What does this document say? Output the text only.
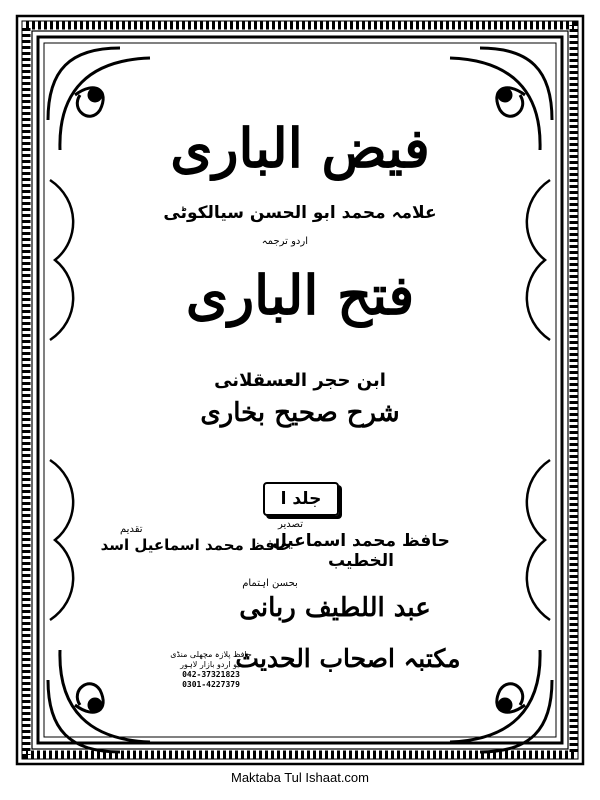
فیض الباری
علامہ محمد ابو الحسن سیالکوٹی
اردو ترجمہ
فتح الباری
ابن حجر العسقلانی
شرح صحیح بخاری
جلد ا
تصدیر
تقدیم
حافظ محمد اسماعیل الخطیب
حافظ محمد اسماعیل اسد
بحسن اہتمام
عبد اللطیف ربانی
مکتبہ اصحاب الحدیث
حافظ پلازہ مچھلی منڈی
نیو اردو بازار لاہور
042-37321823
0301-4227379
Maktaba Tul Ishaat.com
